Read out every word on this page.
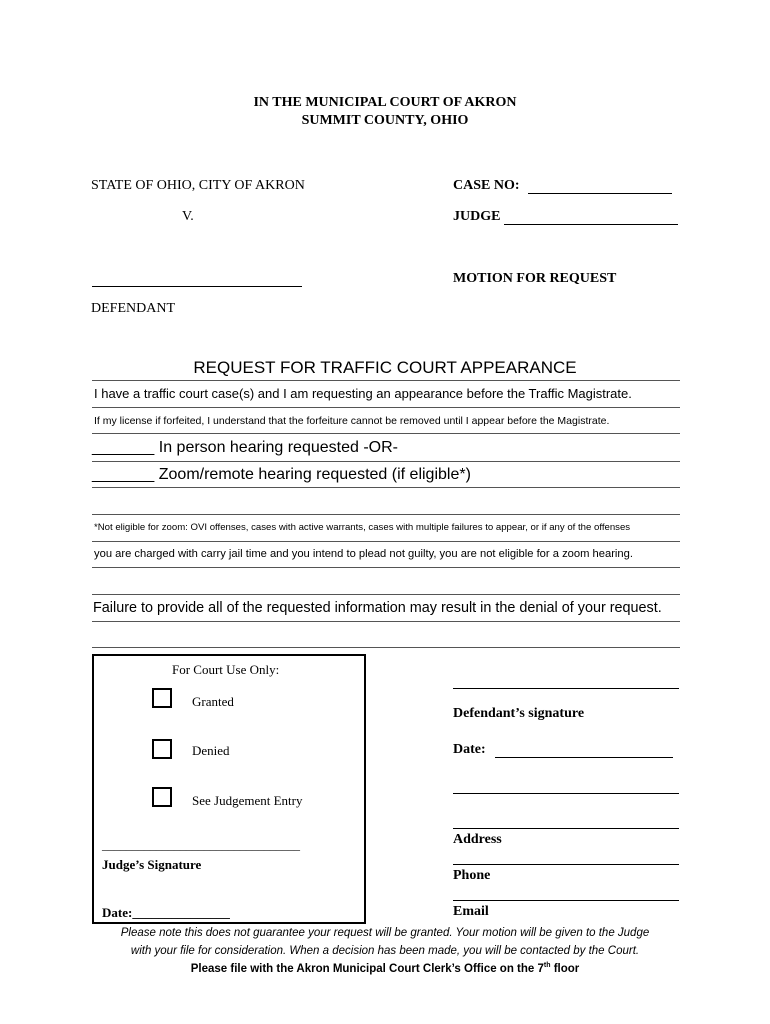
IN THE MUNICIPAL COURT OF AKRON
SUMMIT COUNTY, OHIO
STATE OF OHIO, CITY OF AKRON	CASE NO:
V.	JUDGE
MOTION FOR REQUEST
DEFENDANT
REQUEST FOR TRAFFIC COURT APPEARANCE
I have a traffic court case(s) and I am requesting an appearance before the Traffic Magistrate.
If my license if forfeited, I understand that the forfeiture cannot be removed until I appear before the Magistrate.
_______ In person hearing requested -OR-
_______ Zoom/remote hearing requested (if eligible*)
*Not eligible for zoom: OVI offenses, cases with active warrants, cases with multiple failures to appear, or if any of the offenses
you are charged with carry jail time and you intend to plead not guilty, you are not eligible for a zoom hearing.
Failure to provide all of the requested information may result in the denial of your request.
For Court Use Only:
Granted
Denied
See Judgement Entry
_________________________________
Judge’s Signature
Date:_______________
Defendant’s signature
Date:
Address
Phone
Email
Please note this does not guarantee your request will be granted. Your motion will be given to the Judge
with your file for consideration. When a decision has been made, you will be contacted by the Court.
Please file with the Akron Municipal Court Clerk’s Office on the 7th floor
